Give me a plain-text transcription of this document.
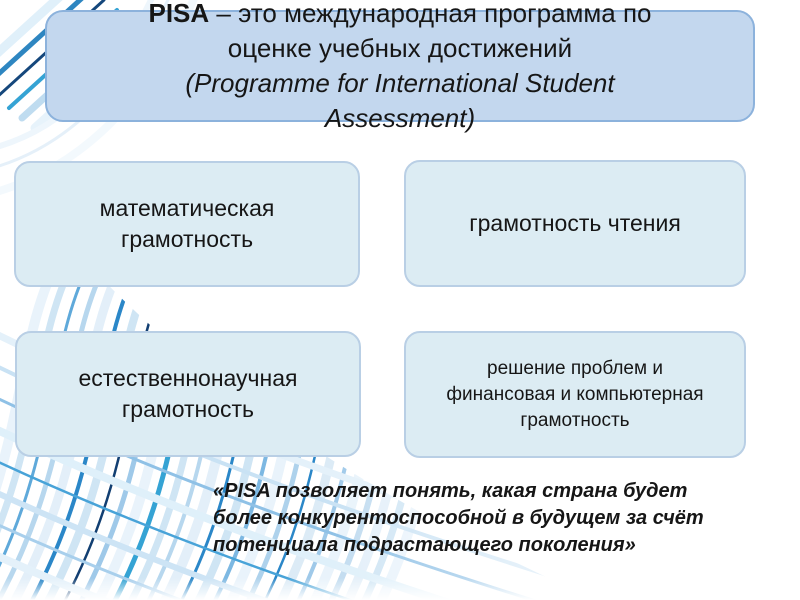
PISA – это международная программа по
оценке учебных достижений
(Programme for International Student
Assessment)
математическая
грамотность
грамотность чтения
естественнонаучная
грамотность
решение проблем и
финансовая и компьютерная
грамотность
«PISA позволяет понять, какая страна будет
более конкурентоспособной в будущем за счёт
потенциала подрастающего поколения»
